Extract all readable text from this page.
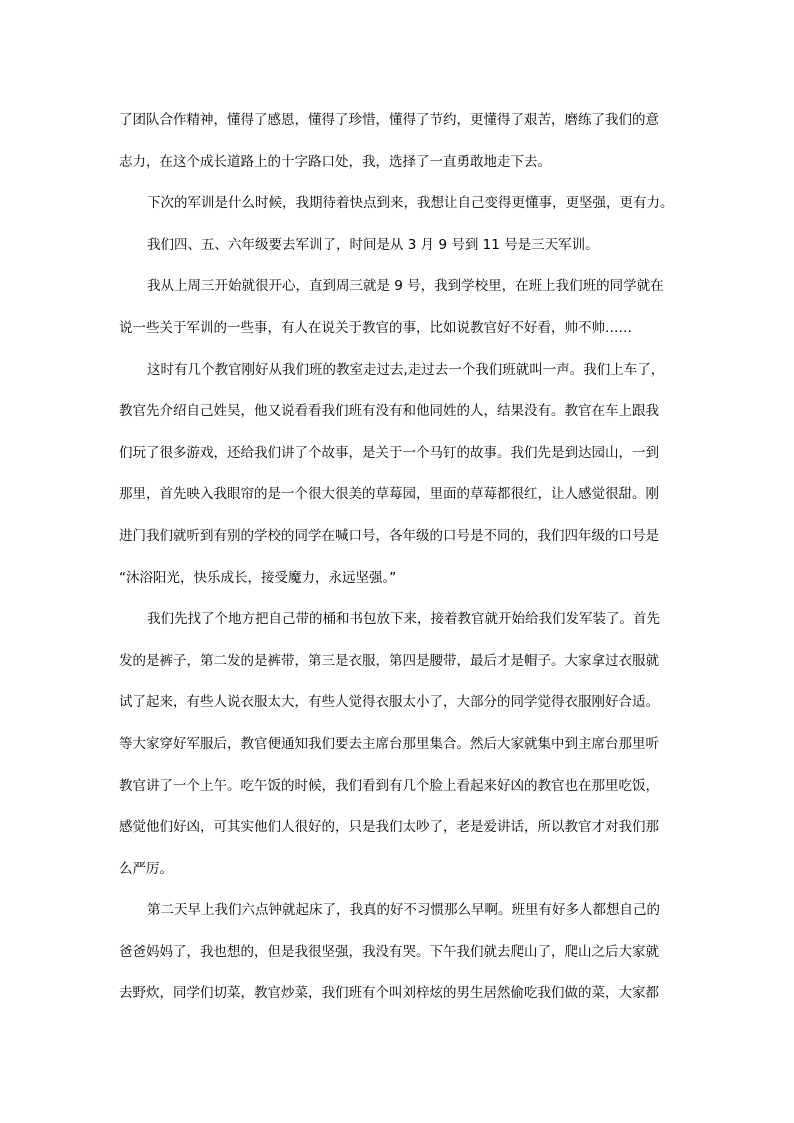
了团队合作精神，懂得了感恩，懂得了珍惜，懂得了节约，更懂得了艰苦，磨练了我们的意
志力，在这个成长道路上的十字路口处，我，选择了一直勇敢地走下去。

下次的军训是什么时候，我期待着快点到来，我想让自己变得更懂事，更坚强，更有力。

我们四、五、六年级要去军训了，时间是从 3 月 9 号到 11 号是三天军训。

我从上周三开始就很开心，直到周三就是 9 号，我到学校里，在班上我们班的同学就在
说一些关于军训的一些事，有人在说关于教官的事，比如说教官好不好看，帅不帅……

这时有几个教官刚好从我们班的教室走过去,走过去一个我们班就叫一声。我们上车了，
教官先介绍自己姓吴，他又说看看我们班有没有和他同姓的人，结果没有。教官在车上跟我
们玩了很多游戏，还给我们讲了个故事，是关于一个马钉的故事。我们先是到达园山，一到
那里，首先映入我眼帘的是一个很大很美的草莓园，里面的草莓都很红，让人感觉很甜。刚
进门我们就听到有别的学校的同学在喊口号，各年级的口号是不同的，我们四年级的口号是
“沐浴阳光，快乐成长，接受魔力，永远坚强。”

我们先找了个地方把自己带的桶和书包放下来，接着教官就开始给我们发军装了。首先
发的是裤子，第二发的是裤带，第三是衣服，第四是腰带，最后才是帽子。大家拿过衣服就
试了起来，有些人说衣服太大，有些人觉得衣服太小了，大部分的同学觉得衣服刚好合适。
等大家穿好军服后，教官便通知我们要去主席台那里集合。然后大家就集中到主席台那里听
教官讲了一个上午。吃午饭的时候，我们看到有几个脸上看起来好凶的教官也在那里吃饭，
感觉他们好凶，可其实他们人很好的，只是我们太吵了，老是爱讲话，所以教官才对我们那
么严厉。

第二天早上我们六点钟就起床了，我真的好不习惯那么早啊。班里有好多人都想自己的
爸爸妈妈了，我也想的，但是我很坚强，我没有哭。下午我们就去爬山了，爬山之后大家就
去野炊，同学们切菜，教官炒菜，我们班有个叫刘梓炫的男生居然偷吃我们做的菜，大家都
